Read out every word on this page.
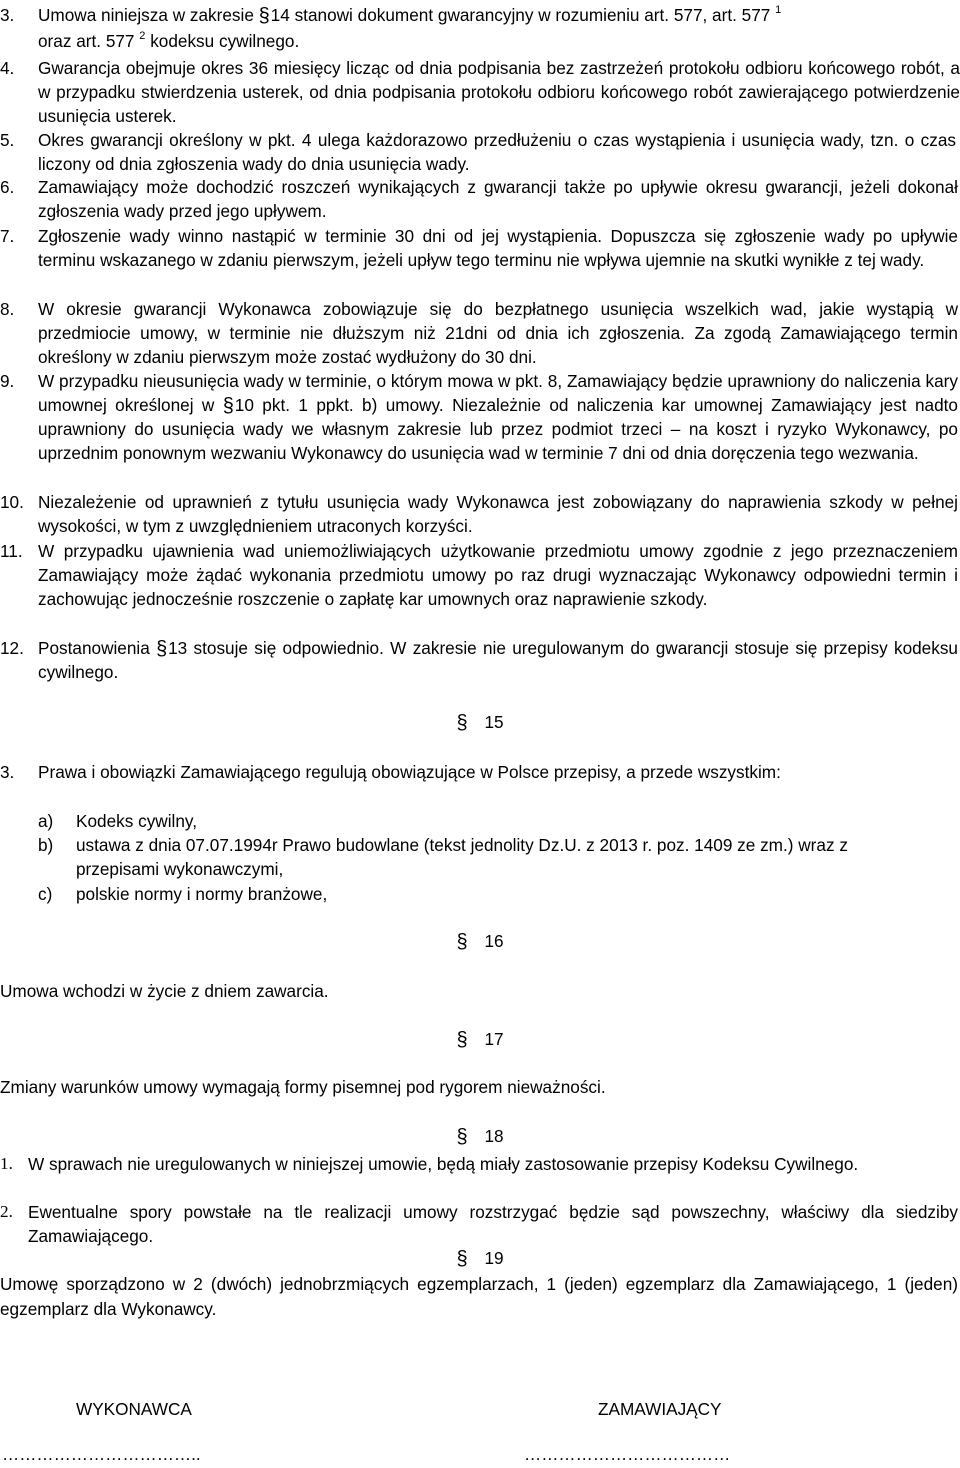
3. Umowa niniejsza w zakresie § 14 stanowi dokument gwarancyjny w rozumieniu art. 577, art. 577 $^1$
oraz art. 577 $^2$ kodeksu cywilnego.
4. Gwarancja obejmuje okres 36 miesięcy licząc od dnia podpisania bez zastrzeżeń protokołu odbioru końcowego robót, a w przypadku stwierdzenia usterek, od dnia podpisania protokołu odbioru końcowego robót zawierającego potwierdzenie usunięcia usterek.
5. Okres gwarancji określony w pkt. 4 ulega każdorazowo przedłużeniu o czas wystąpienia i usunięcia wady, tzn. o czas liczony od dnia zgłoszenia wady do dnia usunięcia wady.
6. Zamawiający może dochodzić roszczeń wynikających z gwarancji także po upływie okresu gwarancji, jeżeli dokonał zgłoszenia wady przed jego upływem.
7. Zgłoszenie wady winno nastąpić w terminie 30 dni od jej wystąpienia. Dopuszcza się zgłoszenie wady po upływie terminu wskazanego w zdaniu pierwszym, jeżeli upływ tego terminu nie wpływa ujemnie na skutki wynikłe z tej wady.
8. W okresie gwarancji Wykonawca zobowiązuje się do bezpłatnego usunięcia wszelkich wad, jakie wystąpią w przedmiocie umowy, w terminie nie dłuższym niż 21dni od dnia ich zgłoszenia. Za zgodą Zamawiającego termin określony w zdaniu pierwszym może zostać wydłużony do 30 dni.
9. W przypadku nieusunięcia wady w terminie, o którym mowa w pkt. 8, Zamawiający będzie uprawniony do naliczenia kary umownej określonej w § 10 pkt. 1 ppkt. b) umowy. Niezależnie od naliczenia kar umownej Zamawiający jest nadto uprawniony do usunięcia wady we własnym zakresie lub przez podmiot trzeci – na koszt i ryzyko Wykonawcy, po uprzednim ponownym wezwaniu Wykonawcy do usunięcia wad w terminie 7 dni od dnia doręczenia tego wezwania.
10. Niezależenie od uprawnień z tytułu usunięcia wady Wykonawca jest zobowiązany do naprawienia szkody w pełnej wysokości, w tym z uwzględnieniem utraconych korzyści.
11. W przypadku ujawnienia wad uniemożliwiających użytkowanie przedmiotu umowy zgodnie z jego przeznaczeniem Zamawiający może żądać wykonania przedmiotu umowy po raz drugi wyznaczając Wykonawcy odpowiedni termin i zachowując jednocześnie roszczenie o zapłatę kar umownych oraz naprawienie szkody.
12. Postanowienia § 13 stosuje się odpowiednio. W zakresie nie uregulowanym do gwarancji stosuje się przepisy kodeksu cywilnego.
§15
3. Prawa i obowiązki Zamawiającego regulują obowiązujące w Polsce przepisy, a przede wszystkim:
a) Kodeks cywilny,
b) ustawa z dnia 07.07.1994r Prawo budowlane (tekst jednolity Dz.U. z 2013 r. poz. 1409 ze zm.) wraz z przepisami wykonawczymi,
c) polskie normy i normy branżowe,
§16
Umowa wchodzi w życie z dniem zawarcia.
§17
Zmiany warunków umowy wymagają formy pisemnej pod rygorem nieważności.
§18
1. W sprawach nie uregulowanych w niniejszej umowie, będą miały zastosowanie przepisy Kodeksu Cywilnego.
2. Ewentualne spory powstałe na tle realizacji umowy rozstrzygać będzie sąd powszechny, właściwy dla siedziby Zamawiającego.
§19
Umowę sporządzono w 2 (dwóch) jednobrzmiących egzemplarzach, 1 (jeden) egzemplarz dla Zamawiającego, 1 (jeden) egzemplarz dla Wykonawcy.
WYKONAWCA	ZAMAWIAJĄCY
……………………………..	………………………………
